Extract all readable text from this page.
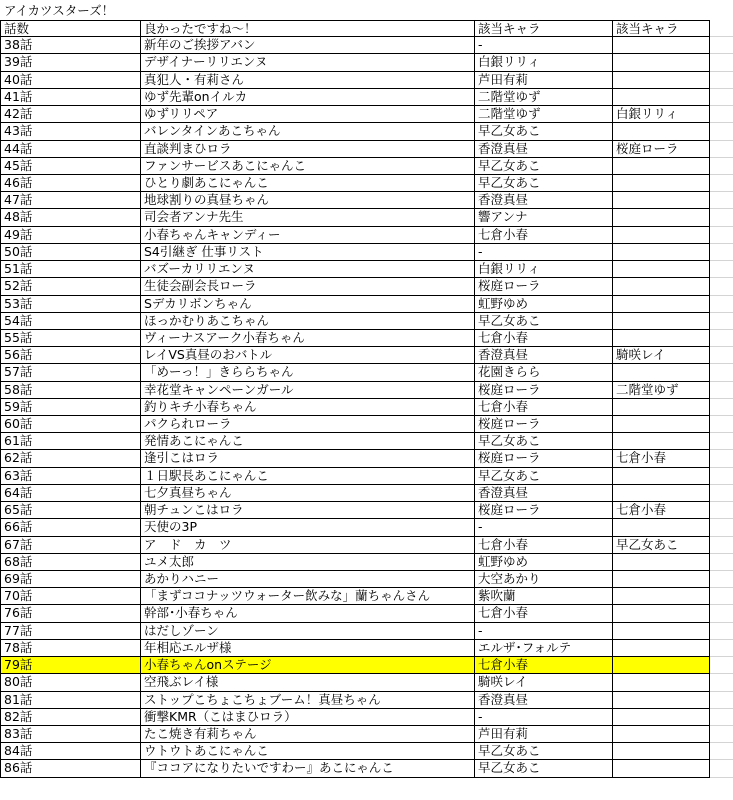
アイカツスターズ！
話数	良かったですね～！	該当キャラ	該当キャラ
38話	新年のご挨拶アバン	-
39話	デザイナーリリエンヌ	白銀リリィ
40話	真犯人・有莉さん	芦田有莉
41話	ゆず先輩onイルカ	二階堂ゆず
42話	ゆずリリペア	二階堂ゆず	白銀リリィ
43話	バレンタインあこちゃん	早乙女あこ
44話	直談判まひロラ	香澄真昼	桜庭ローラ
45話	ファンサービスあこにゃんこ	早乙女あこ
46話	ひとり劇あこにゃんこ	早乙女あこ
47話	地球割りの真昼ちゃん	香澄真昼
48話	司会者アンナ先生	響アンナ
49話	小春ちゃんキャンディー	七倉小春
50話	S4引継ぎ 仕事リスト	-
51話	バズーカリリエンヌ	白銀リリィ
52話	生徒会副会長ローラ	桜庭ローラ
53話	Sデカリボンちゃん	虹野ゆめ
54話	ほっかむりあこちゃん	早乙女あこ
55話	ヴィーナスアーク小春ちゃん	七倉小春
56話	レイVS真昼のおバトル	香澄真昼	騎咲レイ
57話	「めーっ！」きららちゃん	花園きらら
58話	幸花堂キャンペーンガール	桜庭ローラ	二階堂ゆず
59話	釣りキチ小春ちゃん	七倉小春
60話	パクられローラ	桜庭ローラ
61話	発情あこにゃんこ	早乙女あこ
62話	逢引こはロラ	桜庭ローラ	七倉小春
63話	１日駅長あこにゃんこ	早乙女あこ
64話	七夕真昼ちゃん	香澄真昼
65話	朝チュンこはロラ	桜庭ローラ	七倉小春
66話	天使の3P	-
67話	ア　ド　カ　ツ	七倉小春	早乙女あこ
68話	ユメ太郎	虹野ゆめ
69話	あかりハニー	大空あかり
70話	「まずココナッツウォーター飲みな」蘭ちゃんさん	紫吹蘭
76話	幹部･小春ちゃん	七倉小春
77話	はだしゾーン	-
78話	年相応エルザ様	エルザ･フォルテ
79話	小春ちゃんonステージ	七倉小春
80話	空飛ぶレイ様	騎咲レイ
81話	ストップこちょこちょブーム！真昼ちゃん	香澄真昼
82話	衝撃KMR（こはまひロラ）	-
83話	たこ焼き有莉ちゃん	芦田有莉
84話	ウトウトあこにゃんこ	早乙女あこ
86話	『ココアになりたいですわー』あこにゃんこ	早乙女あこ
